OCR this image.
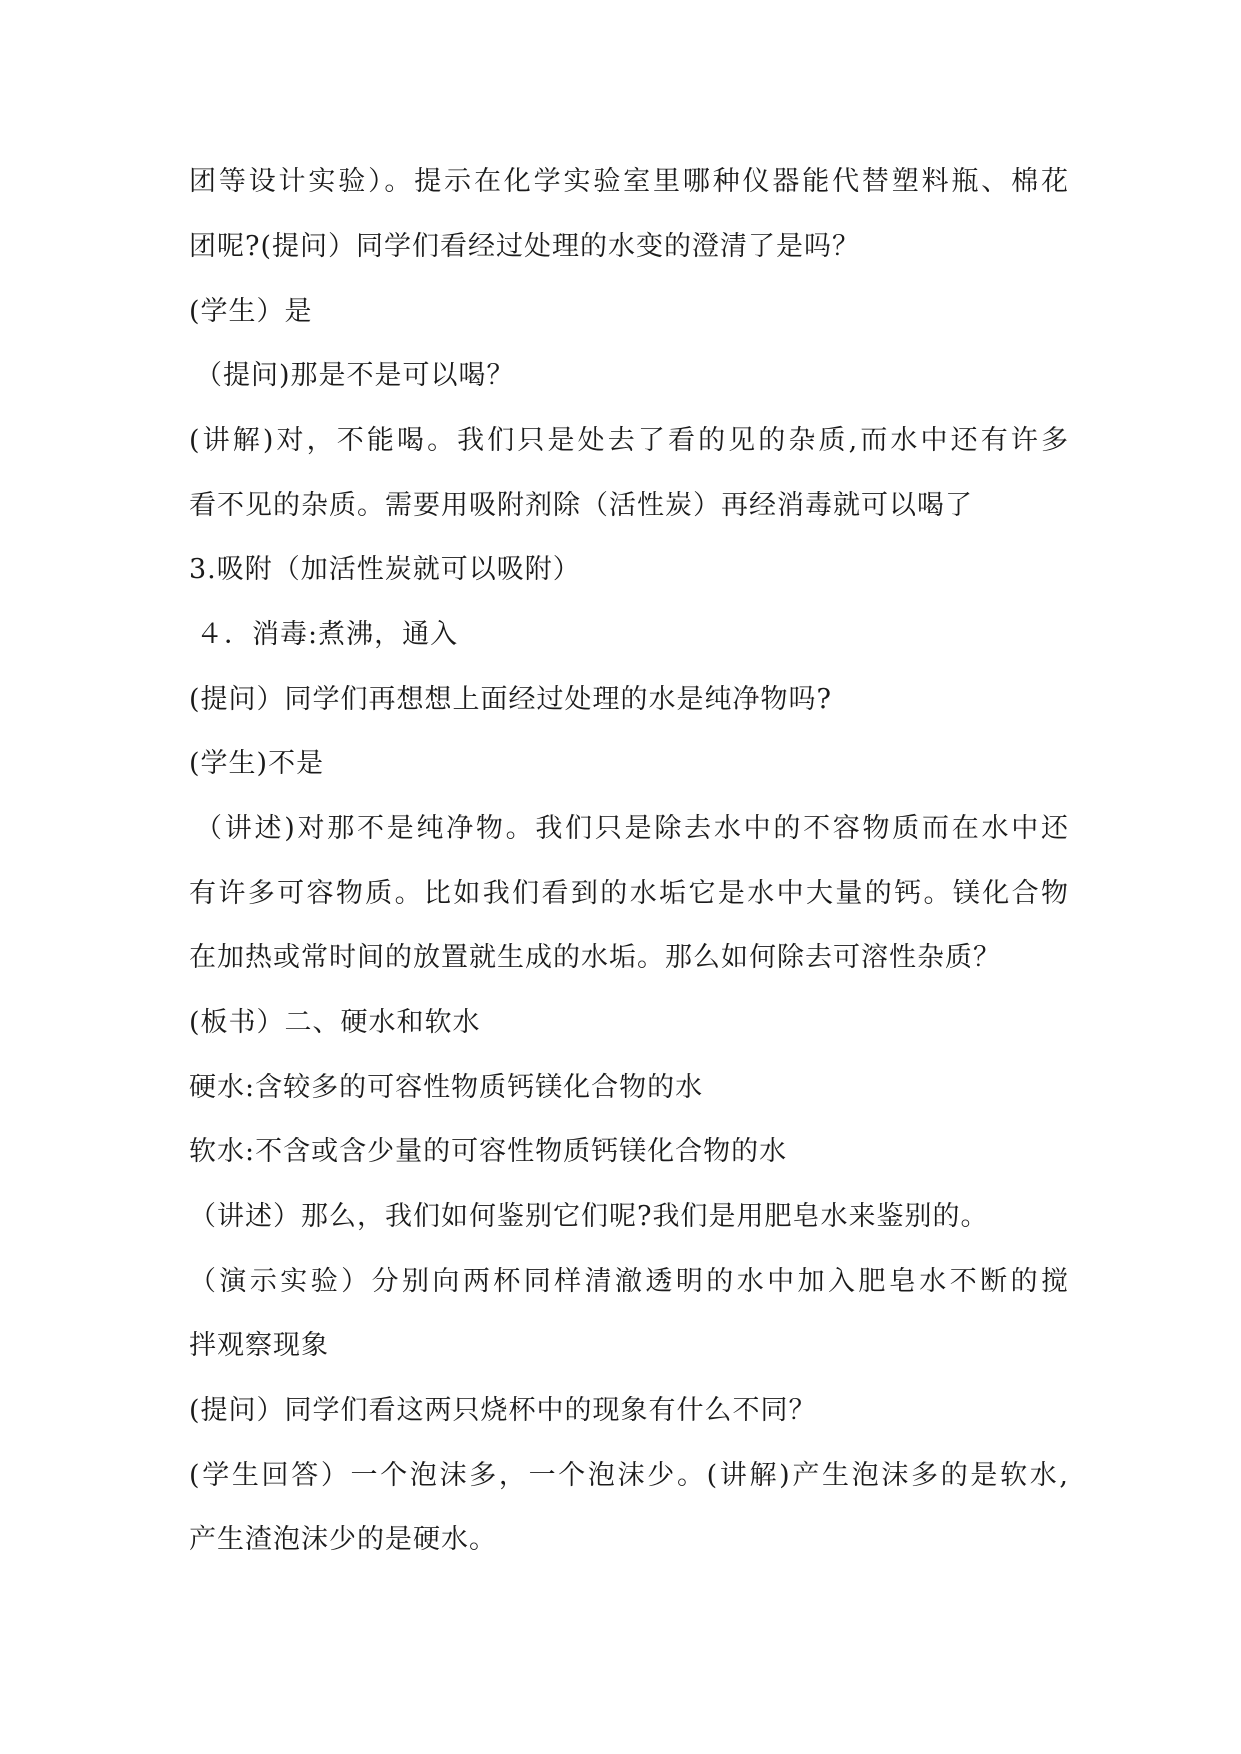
团等设计实验）。提示在化学实验室里哪种仪器能代替塑料瓶、棉花
团呢?(提问）同学们看经过处理的水变的澄清了是吗？
(学生）是
（提问)那是不是可以喝？
(讲解)对，不能喝。我们只是处去了看的见的杂质,而水中还有许多
看不见的杂质。需要用吸附剂除（活性炭）再经消毒就可以喝了
3.吸附（加活性炭就可以吸附）
４．消毒:煮沸，通入
(提问）同学们再想想上面经过处理的水是纯净物吗?
(学生)不是
（讲述)对那不是纯净物。我们只是除去水中的不容物质而在水中还
有许多可容物质。比如我们看到的水垢它是水中大量的钙。镁化合物
在加热或常时间的放置就生成的水垢。那么如何除去可溶性杂质？
(板书）二、硬水和软水
硬水:含较多的可容性物质钙镁化合物的水
软水:不含或含少量的可容性物质钙镁化合物的水
（讲述）那么，我们如何鉴别它们呢?我们是用肥皂水来鉴别的。
（演示实验）分别向两杯同样清澈透明的水中加入肥皂水不断的搅
拌观察现象
(提问）同学们看这两只烧杯中的现象有什么不同？
(学生回答）一个泡沫多，一个泡沫少。(讲解)产生泡沫多的是软水,
产生渣泡沫少的是硬水。
